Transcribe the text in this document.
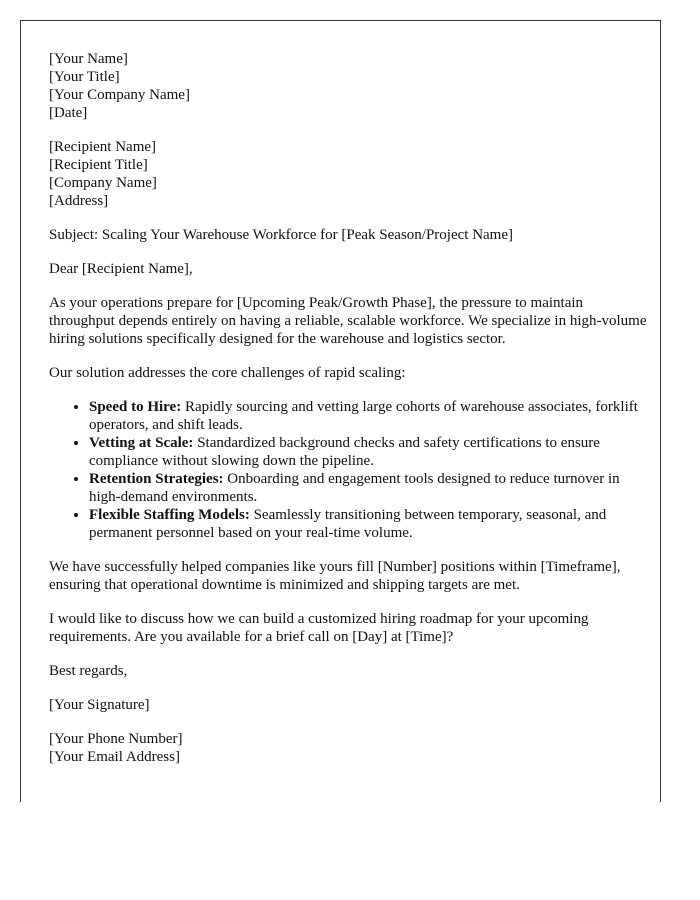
[Your Name]
[Your Title]
[Your Company Name]
[Date]
[Recipient Name]
[Recipient Title]
[Company Name]
[Address]

Subject: Scaling Your Warehouse Workforce for [Peak Season/Project Name]

Dear [Recipient Name],

As your operations prepare for [Upcoming Peak/Growth Phase], the pressure to maintain throughput depends entirely on having a reliable, scalable workforce. We specialize in high-volume hiring solutions specifically designed for the warehouse and logistics sector.

Our solution addresses the core challenges of rapid scaling:

• Speed to Hire: Rapidly sourcing and vetting large cohorts of warehouse associates, forklift operators, and shift leads.
• Vetting at Scale: Standardized background checks and safety certifications to ensure compliance without slowing down the pipeline.
• Retention Strategies: Onboarding and engagement tools designed to reduce turnover in high-demand environments.
• Flexible Staffing Models: Seamlessly transitioning between temporary, seasonal, and permanent personnel based on your real-time volume.

We have successfully helped companies like yours fill [Number] positions within [Timeframe], ensuring that operational downtime is minimized and shipping targets are met.

I would like to discuss how we can build a customized hiring roadmap for your upcoming requirements. Are you available for a brief call on [Day] at [Time]?

Best regards,

[Your Signature]

[Your Phone Number]
[Your Email Address]
